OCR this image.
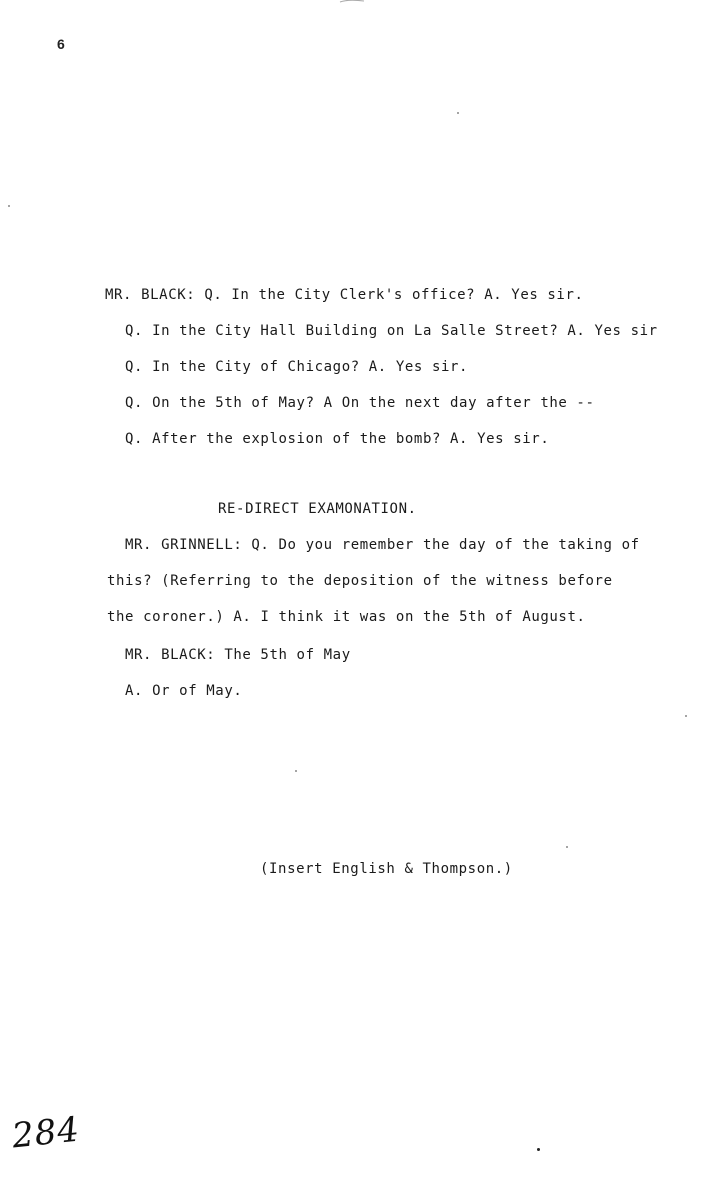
6
MR. BLACK: Q. In the City Clerk's office? A. Yes sir.
Q. In the City Hall Building on La Salle Street? A. Yes sir
Q. In the City of Chicago? A. Yes sir.
Q. On the 5th of May? A On the next day after the --
Q. After the explosion of the bomb? A. Yes sir.
RE-DIRECT EXAMONATION.
MR. GRINNELL: Q. Do you remember the day of the taking of
this? (Referring to the deposition of the witness before
the coroner.) A. I think it was on the 5th of August.
MR. BLACK: The 5th of May
A. Or of May.
(Insert English & Thompson.)
284
